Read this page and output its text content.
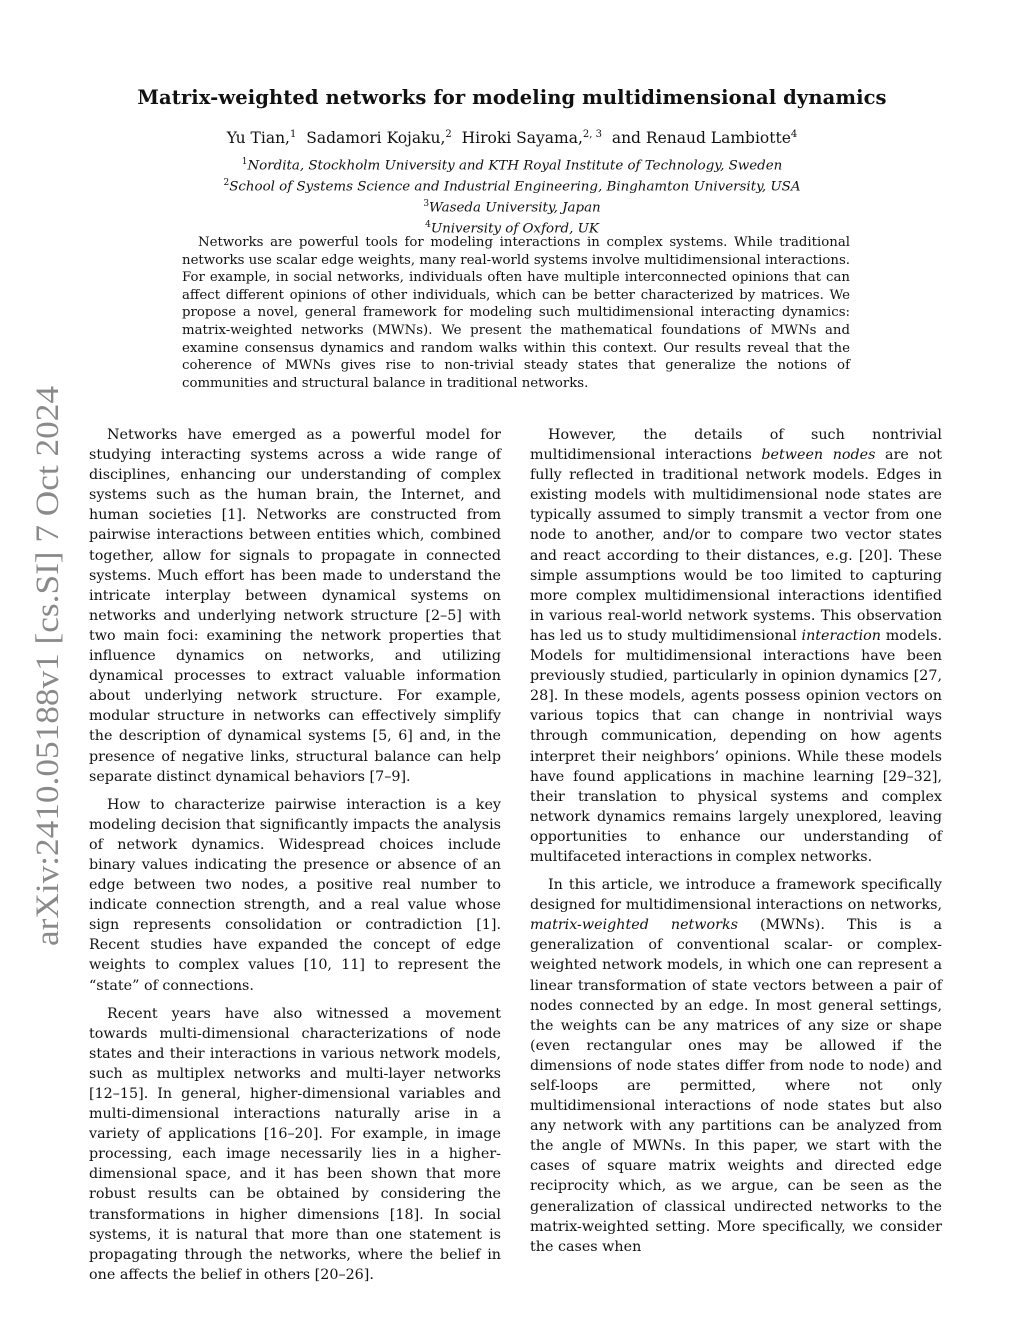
arXiv:2410.05188v1 [cs.SI] 7 Oct 2024
Matrix-weighted networks for modeling multidimensional dynamics
Yu Tian,$^1$ Sadamori Kojaku,$^2$ Hiroki Sayama,$^{2, 3}$ and Renaud Lambiotte$^4$
$^1$Nordita, Stockholm University and KTH Royal Institute of Technology, Sweden
$^2$School of Systems Science and Industrial Engineering, Binghamton University, USA
$^3$Waseda University, Japan
$^4$University of Oxford, UK

Networks are powerful tools for modeling interactions in complex systems. While traditional networks use scalar edge weights, many real-world systems involve multidimensional interactions. For example, in social networks, individuals often have multiple interconnected opinions that can affect different opinions of other individuals, which can be better characterized by matrices. We propose a novel, general framework for modeling such multidimensional interacting dynamics: matrix-weighted networks (MWNs). We present the mathematical foundations of MWNs and examine consensus dynamics and random walks within this context. Our results reveal that the coherence of MWNs gives rise to non-trivial steady states that generalize the notions of communities and structural balance in traditional networks.

Networks have emerged as a powerful model for studying interacting systems across a wide range of disciplines, enhancing our understanding of complex systems such as the human brain, the Internet, and human societies [1]. Networks are constructed from pairwise interactions between entities which, combined together, allow for signals to propagate in connected systems. Much effort has been made to understand the intricate interplay between dynamical systems on networks and underlying network structure [2–5] with two main foci: examining the network properties that influence dynamics on networks, and utilizing dynamical processes to extract valuable information about underlying network structure. For example, modular structure in networks can effectively simplify the description of dynamical systems [5, 6] and, in the presence of negative links, structural balance can help separate distinct dynamical behaviors [7–9].

How to characterize pairwise interaction is a key modeling decision that significantly impacts the analysis of network dynamics. Widespread choices include binary values indicating the presence or absence of an edge between two nodes, a positive real number to indicate connection strength, and a real value whose sign represents consolidation or contradiction [1]. Recent studies have expanded the concept of edge weights to complex values [10, 11] to represent the “state” of connections.

Recent years have also witnessed a movement towards multi-dimensional characterizations of node states and their interactions in various network models, such as multiplex networks and multi-layer networks [12–15]. In general, higher-dimensional variables and multi-dimensional interactions naturally arise in a variety of applications [16–20]. For example, in image processing, each image necessarily lies in a higher-dimensional space, and it has been shown that more robust results can be obtained by considering the transformations in higher dimensions [18]. In social systems, it is natural that more than one statement is propagating through the networks, where the belief in one affects the belief in others [20–26].

However, the details of such nontrivial multidimensional interactions between nodes are not fully reflected in traditional network models. Edges in existing models with multidimensional node states are typically assumed to simply transmit a vector from one node to another, and/or to compare two vector states and react according to their distances, e.g. [20]. These simple assumptions would be too limited to capturing more complex multidimensional interactions identified in various real-world network systems. This observation has led us to study multidimensional interaction models. Models for multidimensional interactions have been previously studied, particularly in opinion dynamics [27, 28]. In these models, agents possess opinion vectors on various topics that can change in nontrivial ways through communication, depending on how agents interpret their neighbors’ opinions. While these models have found applications in machine learning [29–32], their translation to physical systems and complex network dynamics remains largely unexplored, leaving opportunities to enhance our understanding of multifaceted interactions in complex networks.

In this article, we introduce a framework specifically designed for multidimensional interactions on networks, matrix-weighted networks (MWNs). This is a generalization of conventional scalar- or complex-weighted network models, in which one can represent a linear transformation of state vectors between a pair of nodes connected by an edge. In most general settings, the weights can be any matrices of any size or shape (even rectangular ones may be allowed if the dimensions of node states differ from node to node) and self-loops are permitted, where not only multidimensional interactions of node states but also any network with any partitions can be analyzed from the angle of MWNs. In this paper, we start with the cases of square matrix weights and directed edge reciprocity which, as we argue, can be seen as the generalization of classical undirected networks to the matrix-weighted setting. More specifically, we consider the cases when
